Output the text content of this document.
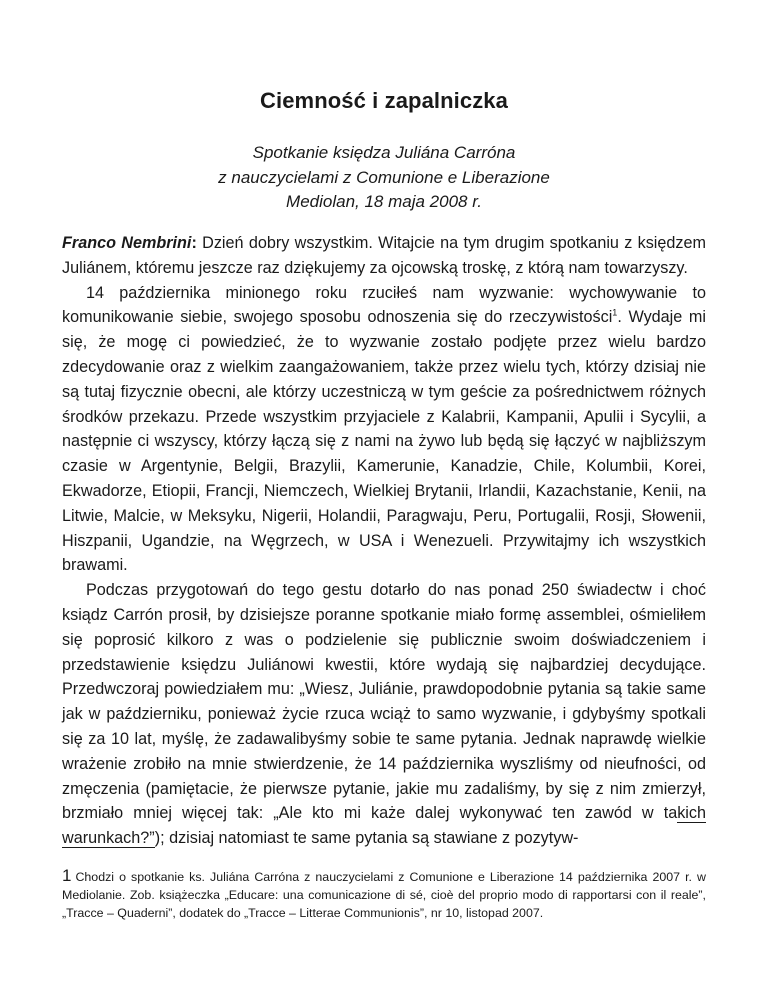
Ciemność i zapalniczka
Spotkanie księdza Juliána Carróna
z nauczycielami z Comunione e Liberazione
Mediolan, 18 maja 2008 r.

Franco Nembrini: Dzień dobry wszystkim. Witajcie na tym drugim spotkaniu z księdzem Juliánem, któremu jeszcze raz dziękujemy za ojcowską troskę, z którą nam towarzyszy.

14 października minionego roku rzuciłeś nam wyzwanie: wychowywanie to komunikowanie siebie, swojego sposobu odnoszenia się do rzeczywistości$^1$. Wydaje mi się, że mogę ci powiedzieć, że to wyzwanie zostało podjęte przez wielu bardzo zdecydowanie oraz z wielkim zaangażowaniem, także przez wielu tych, którzy dzisiaj nie są tutaj fizycznie obecni, ale którzy uczestniczą w tym geście za pośrednictwem różnych środków przekazu. Przede wszystkim przyjaciele z Kalabrii, Kampanii, Apulii i Sycylii, a następnie ci wszyscy, którzy łączą się z nami na żywo lub będą się łączyć w najbliższym czasie w Argentynie, Belgii, Brazylii, Kamerunie, Kanadzie, Chile, Kolumbii, Korei, Ekwadorze, Etiopii, Francji, Niemczech, Wielkiej Brytanii, Irlandii, Kazachstanie, Kenii, na Litwie, Malcie, w Meksyku, Nigerii, Holandii, Paragwaju, Peru, Portugalii, Rosji, Słowenii, Hiszpanii, Ugandzie, na Węgrzech, w USA i Wenezueli. Przywitajmy ich wszystkich brawami.

Podczas przygotowań do tego gestu dotarło do nas ponad 250 świadectw i choć ksiądz Carrón prosił, by dzisiejsze poranne spotkanie miało formę assemblei, ośmieliłem się poprosić kilkoro z was o podzielenie się publicznie swoim doświadczeniem i przedstawienie księdzu Juliánowi kwestii, które wydają się najbardziej decydujące. Przedwczoraj powiedziałem mu: „Wiesz, Juliánie, prawdopodobnie pytania są takie same jak w październiku, ponieważ życie rzuca wciąż to samo wyzwanie, i gdybyśmy spotkali się za 10 lat, myślę, że zadawalibyśmy sobie te same pytania. Jednak naprawdę wielkie wrażenie zrobiło na mnie stwierdzenie, że 14 października wyszliśmy od nieufności, od zmęczenia (pamiętacie, że pierwsze pytanie, jakie mu zadaliśmy, by się z nim zmierzył, brzmiało mniej więcej tak: „Ale kto mi każe dalej wykonywać ten zawód w takich warunkach?”); dzisiaj natomiast te same pytania są stawiane z pozytyw-

1 Chodzi o spotkanie ks. Juliána Carróna z nauczycielami z Comunione e Liberazione 14 października 2007 r. w Mediolanie. Zob. książeczka „Educare: una comunicazione di sé, cioè del proprio modo di rapportarsi con il reale”, „Tracce – Quaderni”, dodatek do „Tracce – Litterae Communionis”, nr 10, listopad 2007.
